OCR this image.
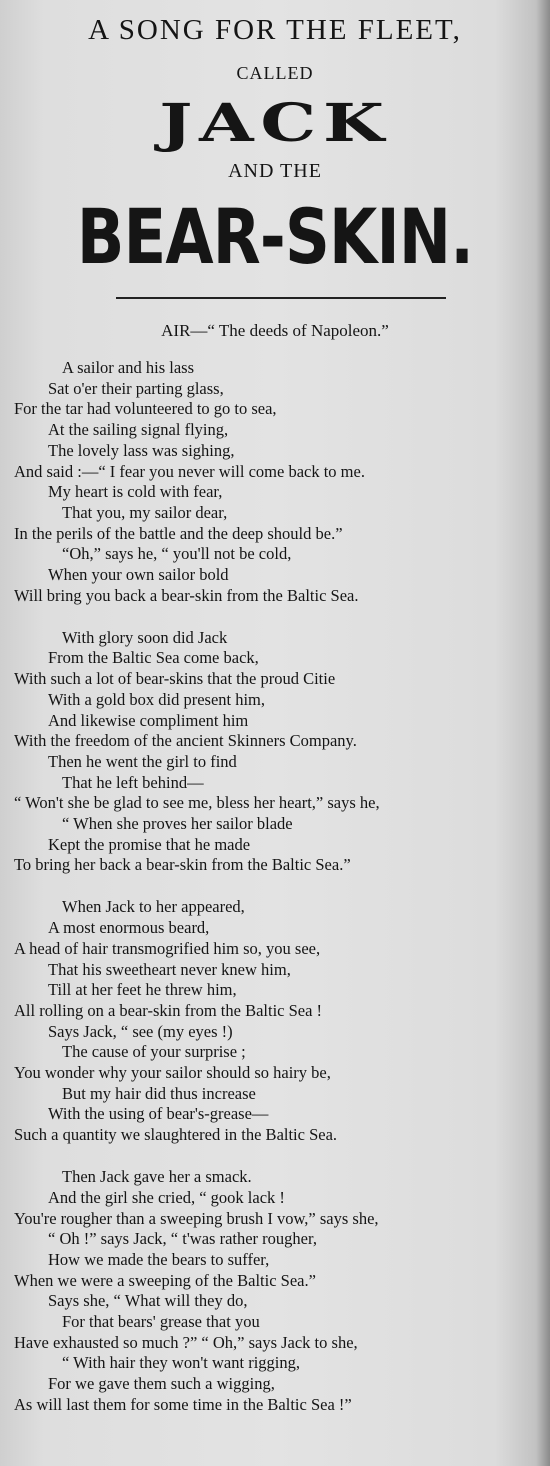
A SONG FOR THE FLEET,
CALLED
JACK
AND THE
BEAR-SKIN.
AIR—“ The deeds of Napoleon.”
A sailor and his lass
Sat o'er their parting glass,
For the tar had volunteered to go to sea,
At the sailing signal flying,
The lovely lass was sighing,
And said :—“ I fear you never will come back to me.
My heart is cold with fear,
That you, my sailor dear,
In the perils of the battle and the deep should be.”
“Oh,” says he, “ you'll not be cold,
When your own sailor bold
Will bring you back a bear-skin from the Baltic Sea.
With glory soon did Jack
From the Baltic Sea come back,
With such a lot of bear-skins that the proud Citie
With a gold box did present him,
And likewise compliment him
With the freedom of the ancient Skinners Company.
Then he went the girl to find
That he left behind—
“ Won't she be glad to see me, bless her heart,” says he,
“ When she proves her sailor blade
Kept the promise that he made
To bring her back a bear-skin from the Baltic Sea.”
When Jack to her appeared,
A most enormous beard,
A head of hair transmogrified him so, you see,
That his sweetheart never knew him,
Till at her feet he threw him,
All rolling on a bear-skin from the Baltic Sea !
Says Jack, “ see (my eyes !)
The cause of your surprise ;
You wonder why your sailor should so hairy be,
But my hair did thus increase
With the using of bear's-grease—
Such a quantity we slaughtered in the Baltic Sea.
Then Jack gave her a smack.
And the girl she cried, “ gook lack !
You're rougher than a sweeping brush I vow,” says she,
“ Oh !” says Jack, “ t'was rather rougher,
How we made the bears to suffer,
When we were a sweeping of the Baltic Sea.”
Says she, “ What will they do,
For that bears' grease that you
Have exhausted so much ?” “ Oh,” says Jack to she,
“ With hair they won't want rigging,
For we gave them such a wigging,
As will last them for some time in the Baltic Sea !”
